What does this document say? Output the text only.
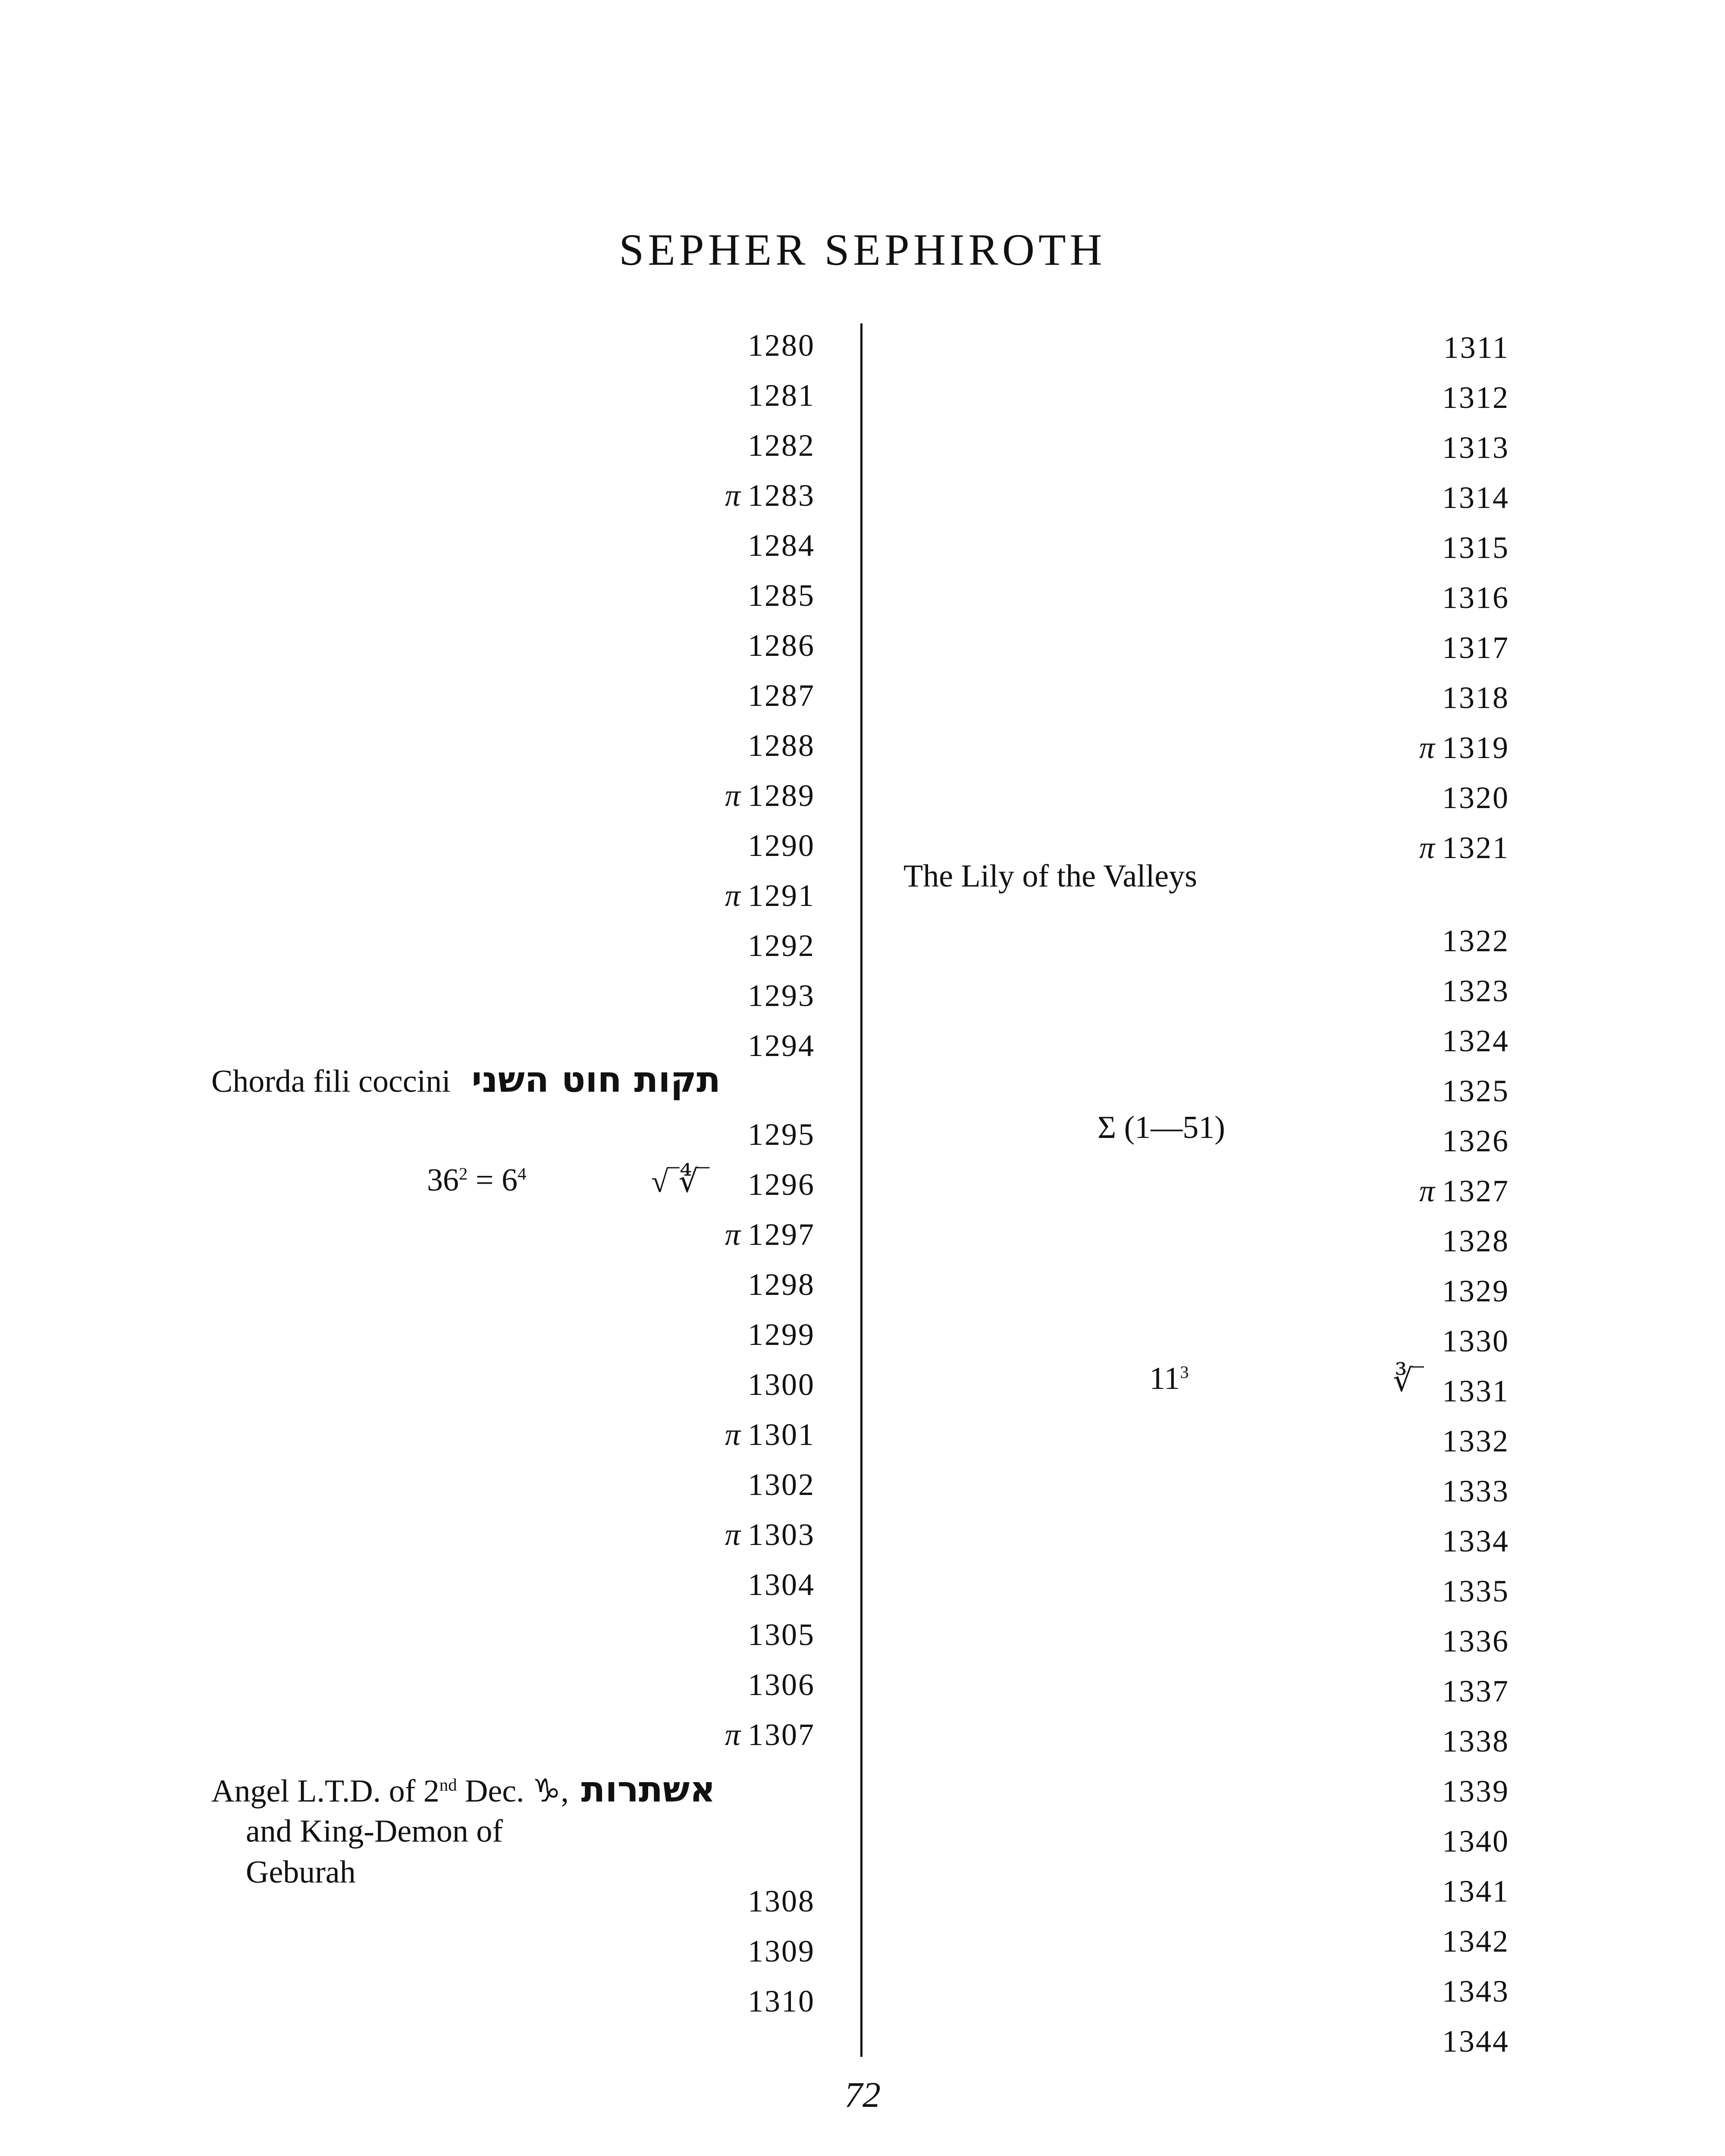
SEPHER SEPHIROTH
1280
1281
1282
π 1283
1284
1285
1286
1287
1288
π 1289
1290
π 1291
1292
1293
1294
1295
1296
π 1297
1298
1299
1300
π 1301
1302
π 1303
1304
1305
1306
π 1307
1308
1309
1310
1311
1312
1313
1314
1315
1316
1317
1318
π 1319
1320
π 1321
1322
1323
1324
1325
1326
π 1327
1328
1329
1330
1331
1332
1333
1334
1335
1336
1337
1338
1339
1340
1341
1342
1343
1344
Chorda fili coccini תקות חוט השני
$36^2 = 6^4$	√‾∜‾
Angel L.T.D. of 2nd Dec. ♑, אשתרות
and King-Demon of
Geburah
The Lily of the Valleys
Σ (1—51)
$11^3$	∛‾
72
